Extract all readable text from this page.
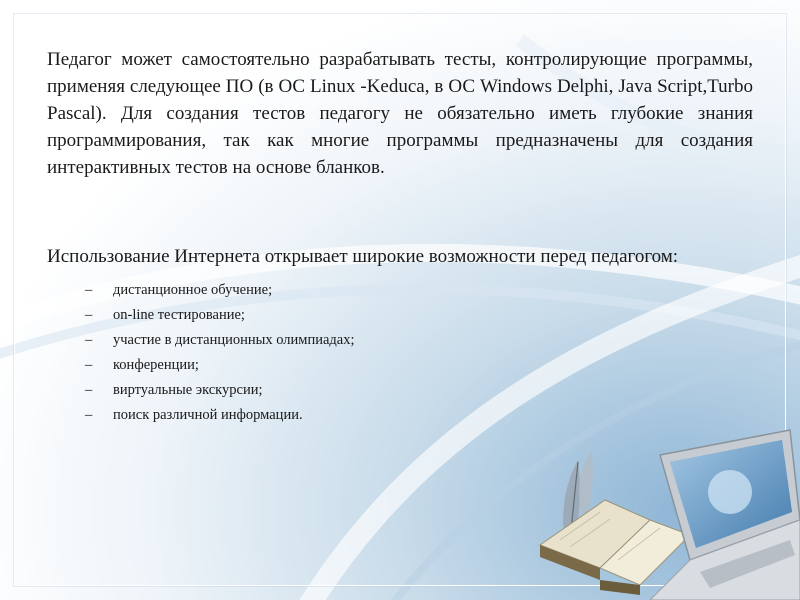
Педагог может самостоятельно разрабатывать тесты, контролирующие программы, применяя следующее ПО (в ОС Linux -Keduca, в ОС Windows Delphi, Java Script,Turbo Pascal). Для создания тестов педагогу не обязательно иметь глубокие знания программирования, так как многие программы предназначены для создания интерактивных тестов на основе бланков.

Использование Интернета открывает широкие возможности перед педагогом:

– дистанционное обучение;
– on-line тестирование;
– участие в дистанционных олимпиадах;
– конференции;
– виртуальные экскурсии;
– поиск различной информации.
